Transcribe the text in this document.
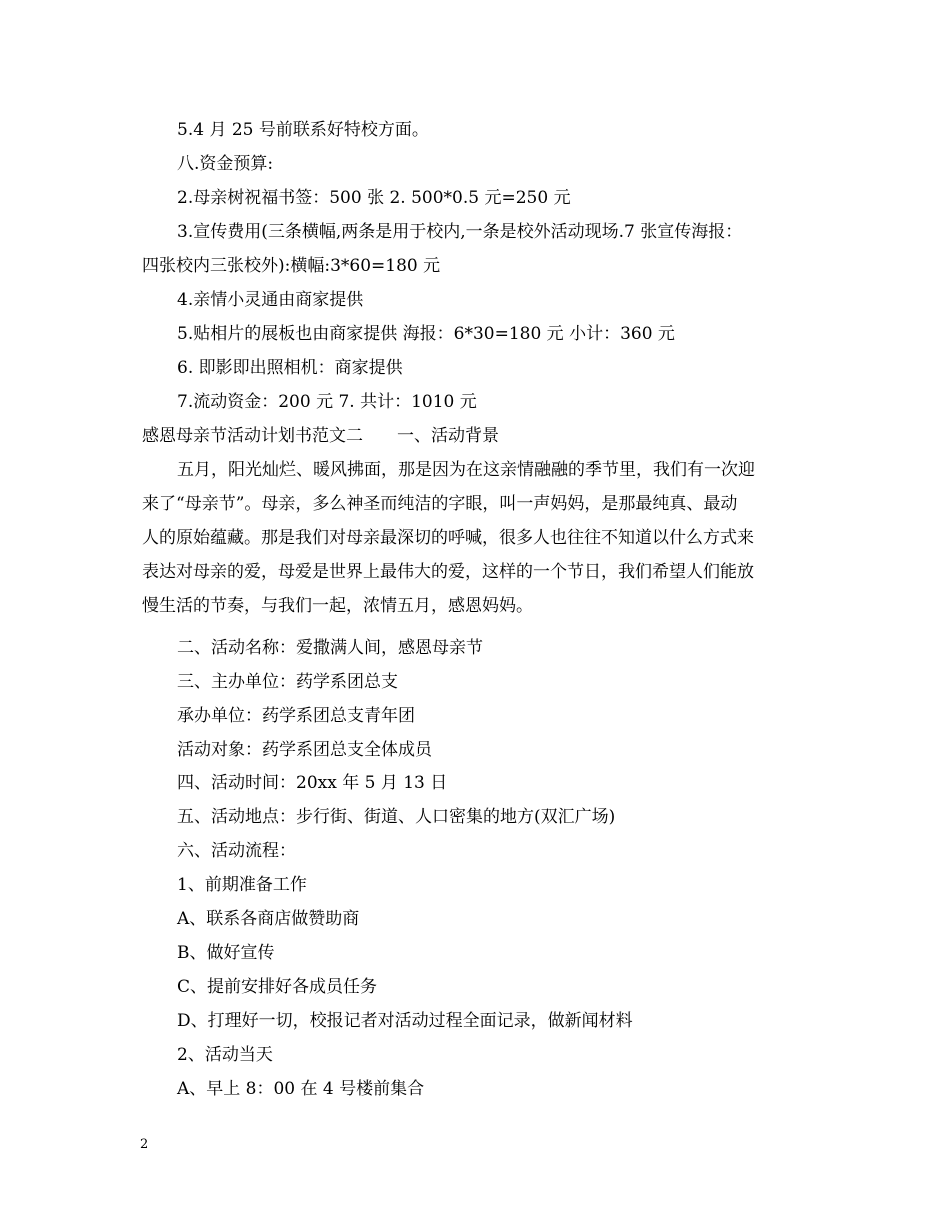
5.4 月 25 号前联系好特校方面。

八.资金预算:

2.母亲树祝福书签：500 张 2. 500*0.5 元=250 元

3.宣传费用(三条横幅,两条是用于校内,一条是校外活动现场.7 张宣传海报：

四张校内三张校外):横幅:3*60=180 元

4.亲情小灵通由商家提供

5.贴相片的展板也由商家提供 海报：6*30=180 元 小计：360 元

6. 即影即出照相机：商家提供

7.流动资金：200 元 7. 共计：1010 元

感恩母亲节活动计划书范文二　　一、活动背景

五月，阳光灿烂、暖风拂面，那是因为在这亲情融融的季节里，我们有一次迎

来了“母亲节”。母亲，多么神圣而纯洁的字眼，叫一声妈妈，是那最纯真、最动

人的原始蕴藏。那是我们对母亲最深切的呼喊，很多人也往往不知道以什么方式来

表达对母亲的爱，母爱是世界上最伟大的爱，这样的一个节日，我们希望人们能放

慢生活的节奏，与我们一起，浓情五月，感恩妈妈。

二、活动名称：爱撒满人间，感恩母亲节

三、主办单位：药学系团总支

承办单位：药学系团总支青年团

活动对象：药学系团总支全体成员

四、活动时间：20xx 年 5 月 13 日

五、活动地点：步行街、街道、人口密集的地方(双汇广场)

六、活动流程：

1、前期准备工作

A、联系各商店做赞助商

B、做好宣传

C、提前安排好各成员任务

D、打理好一切，校报记者对活动过程全面记录，做新闻材料

2、活动当天

A、早上 8：00 在 4 号楼前集合

2
